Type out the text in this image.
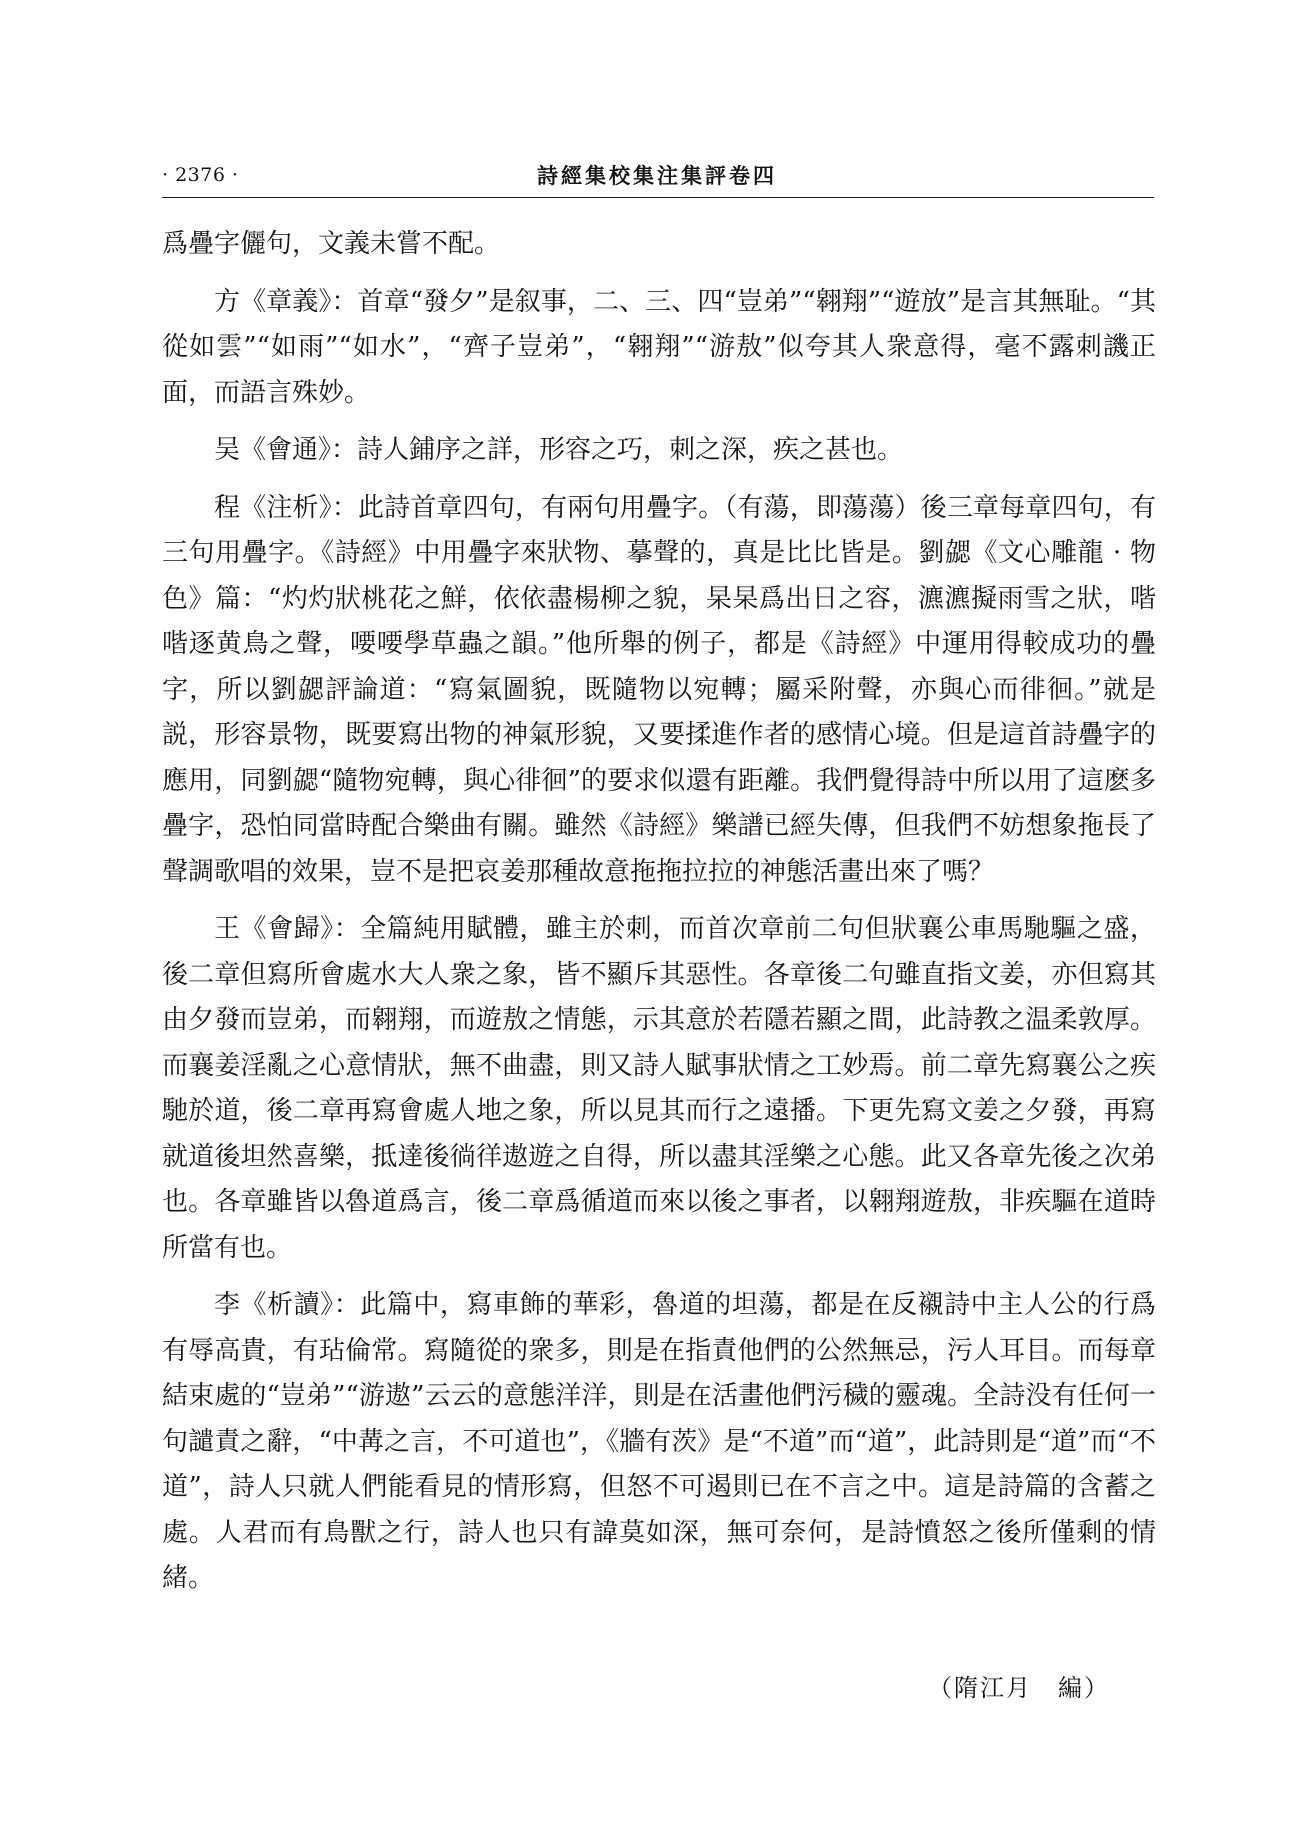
· 2376 ·	詩經集校集注集評卷四

爲疊字儷句，文義未嘗不配。

方《章義》：首章“發夕”是叙事，二、三、四“豈弟”“翱翔”“遊放”是言其無耻。“其從如雲”“如雨”“如水”，“齊子豈弟”，“翱翔”“游敖”似夸其人衆意得，毫不露刺譏正面，而語言殊妙。

吴《會通》：詩人鋪序之詳，形容之巧，刺之深，疾之甚也。

程《注析》：此詩首章四句，有兩句用疊字。（有蕩，即蕩蕩）後三章每章四句，有三句用疊字。《詩經》中用疊字來狀物、摹聲的，真是比比皆是。劉勰《文心雕龍 · 物色》篇：“灼灼狀桃花之鮮，依依盡楊柳之貌，杲杲爲出日之容，瀌瀌擬雨雪之狀，喈喈逐黄鳥之聲，喓喓學草蟲之韻。”他所舉的例子，都是《詩經》中運用得較成功的疊字，所以劉勰評論道：“寫氣圖貌，既隨物以宛轉；屬采附聲，亦與心而徘徊。”就是説，形容景物，既要寫出物的神氣形貌，又要揉進作者的感情心境。但是這首詩疊字的應用，同劉勰“隨物宛轉，與心徘徊”的要求似還有距離。我們覺得詩中所以用了這麽多疊字，恐怕同當時配合樂曲有關。雖然《詩經》樂譜已經失傳，但我們不妨想象拖長了聲調歌唱的效果，豈不是把哀姜那種故意拖拖拉拉的神態活畫出來了嗎？

王《會歸》：全篇純用賦體，雖主於刺，而首次章前二句但狀襄公車馬馳驅之盛，後二章但寫所會處水大人衆之象，皆不顯斥其惡性。各章後二句雖直指文姜，亦但寫其由夕發而豈弟，而翱翔，而遊敖之情態，示其意於若隱若顯之間，此詩教之温柔敦厚。而襄姜淫亂之心意情狀，無不曲盡，則又詩人賦事狀情之工妙焉。前二章先寫襄公之疾馳於道，後二章再寫會處人地之象，所以見其而行之遠播。下更先寫文姜之夕發，再寫就道後坦然喜樂，抵達後徜徉遨遊之自得，所以盡其淫樂之心態。此又各章先後之次弟也。各章雖皆以魯道爲言，後二章爲循道而來以後之事者，以翱翔遊敖，非疾驅在道時所當有也。

李《析讀》：此篇中，寫車飾的華彩，魯道的坦蕩，都是在反襯詩中主人公的行爲有辱高貴，有玷倫常。寫隨從的衆多，則是在指責他們的公然無忌，污人耳目。而每章結束處的“豈弟”“游遨”云云的意態洋洋，則是在活畫他們污穢的靈魂。全詩没有任何一句譴責之辭，“中冓之言，不可道也”，《牆有茨》是“不道”而“道”，此詩則是“道”而“不道”，詩人只就人們能看見的情形寫，但怒不可遏則已在不言之中。這是詩篇的含蓄之處。人君而有鳥獸之行，詩人也只有諱莫如深，無可奈何，是詩憤怒之後所僅剩的情緒。

（隋江月　編）
